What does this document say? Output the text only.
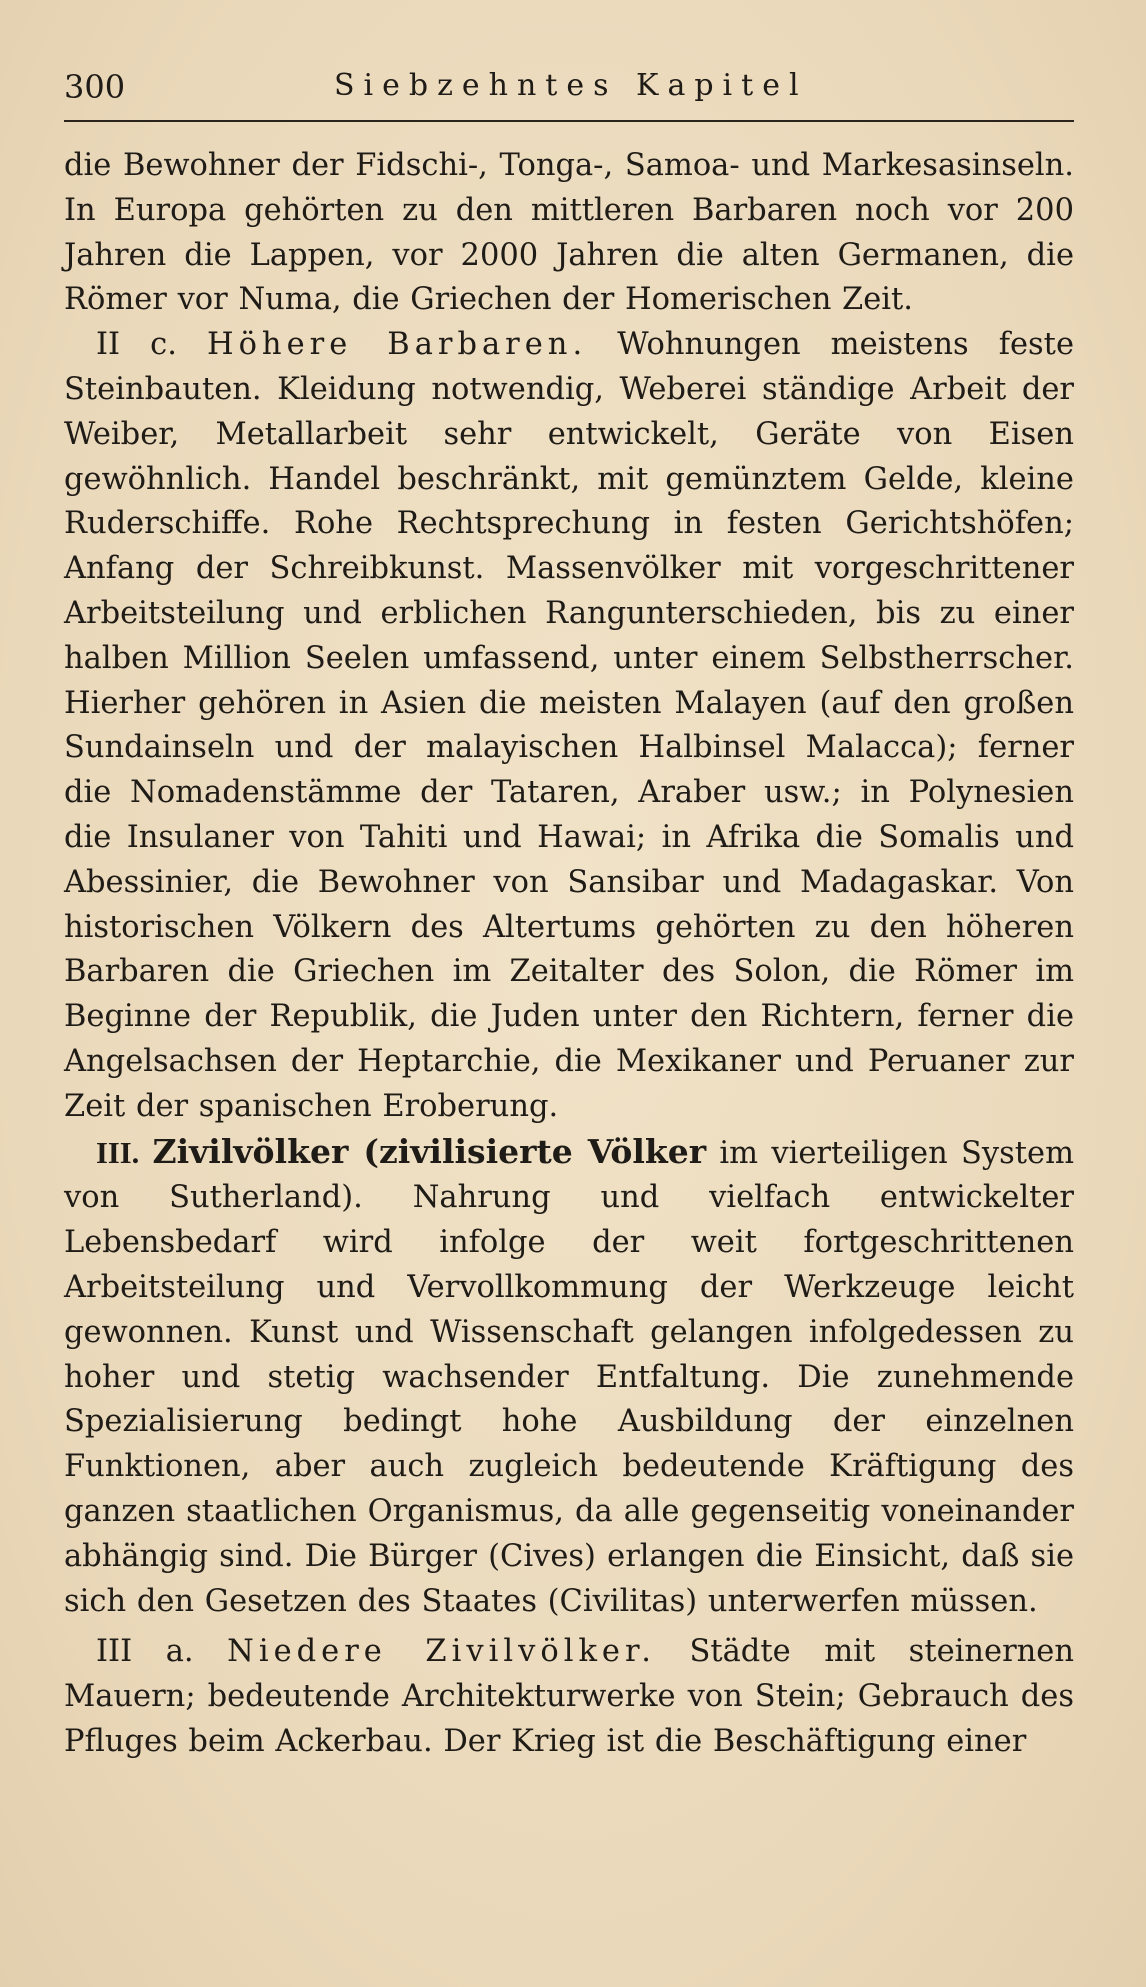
300	Siebzehntes Kapitel

die Bewohner der Fidschi-, Tonga-, Samoa- und Markesasinseln. In Europa gehörten zu den mittleren Barbaren noch vor 200 Jahren die Lappen, vor 2000 Jahren die alten Germanen, die Römer vor Numa, die Griechen der Homerischen Zeit.

II c. Höhere Barbaren. Wohnungen meistens feste Steinbauten. Kleidung notwendig, Weberei ständige Arbeit der Weiber, Metallarbeit sehr entwickelt, Geräte von Eisen gewöhnlich. Handel beschränkt, mit gemünztem Gelde, kleine Ruderschiffe. Rohe Rechtsprechung in festen Gerichtshöfen; Anfang der Schreibkunst. Massenvölker mit vorgeschrittener Arbeitsteilung und erblichen Rangunterschieden, bis zu einer halben Million Seelen umfassend, unter einem Selbstherrscher. Hierher gehören in Asien die meisten Malayen (auf den großen Sundainseln und der malayischen Halbinsel Malacca); ferner die Nomadenstämme der Tataren, Araber usw.; in Polynesien die Insulaner von Tahiti und Hawai; in Afrika die Somalis und Abessinier, die Bewohner von Sansibar und Madagaskar. Von historischen Völkern des Altertums gehörten zu den höheren Barbaren die Griechen im Zeitalter des Solon, die Römer im Beginne der Republik, die Juden unter den Richtern, ferner die Angelsachsen der Heptarchie, die Mexikaner und Peruaner zur Zeit der spanischen Eroberung.

III. Zivilvölker (zivilisierte Völker im vierteiligen System von Sutherland). Nahrung und vielfach entwickelter Lebensbedarf wird infolge der weit fortgeschrittenen Arbeitsteilung und Vervollkommung der Werkzeuge leicht gewonnen. Kunst und Wissenschaft gelangen infolgedessen zu hoher und stetig wachsender Entfaltung. Die zunehmende Spezialisierung bedingt hohe Ausbildung der einzelnen Funktionen, aber auch zugleich bedeutende Kräftigung des ganzen staatlichen Organismus, da alle gegenseitig voneinander abhängig sind. Die Bürger (Cives) erlangen die Einsicht, daß sie sich den Gesetzen des Staates (Civilitas) unterwerfen müssen.

III a. Niedere Zivilvölker. Städte mit steinernen Mauern; bedeutende Architekturwerke von Stein; Gebrauch des Pfluges beim Ackerbau. Der Krieg ist die Beschäftigung einer
